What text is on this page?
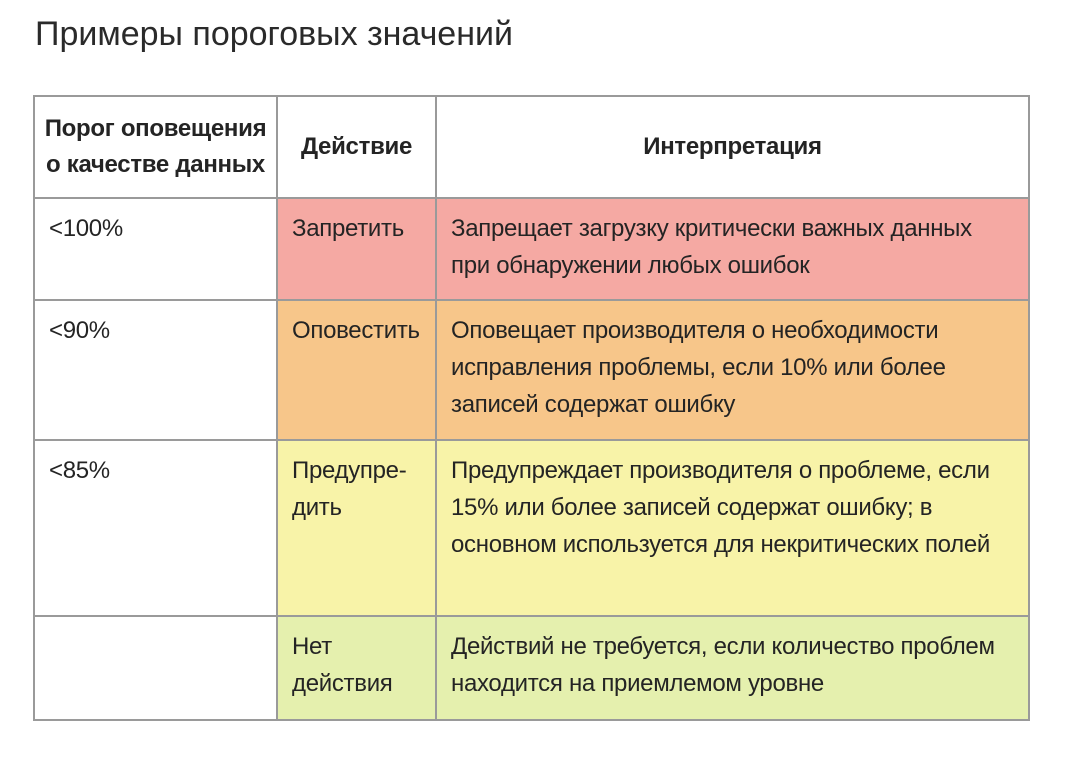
Примеры пороговых значений
Порог оповещения о качестве данных	Действие	Интерпретация

<100%	Запретить	Запрещает загрузку критически важных данных при обнаружении любых ошибок

<90%	Оповестить	Оповещает производителя о необходимости исправления проблемы, если 10% или более записей содержат ошибку

<85%	Предупре-дить	Предупреждает производителя о проблеме, если 15% или более записей содержат ошибку; в основном используется для некритических полей

	Нет действия	Действий не требуется, если количество проблем находится на приемлемом уровне
